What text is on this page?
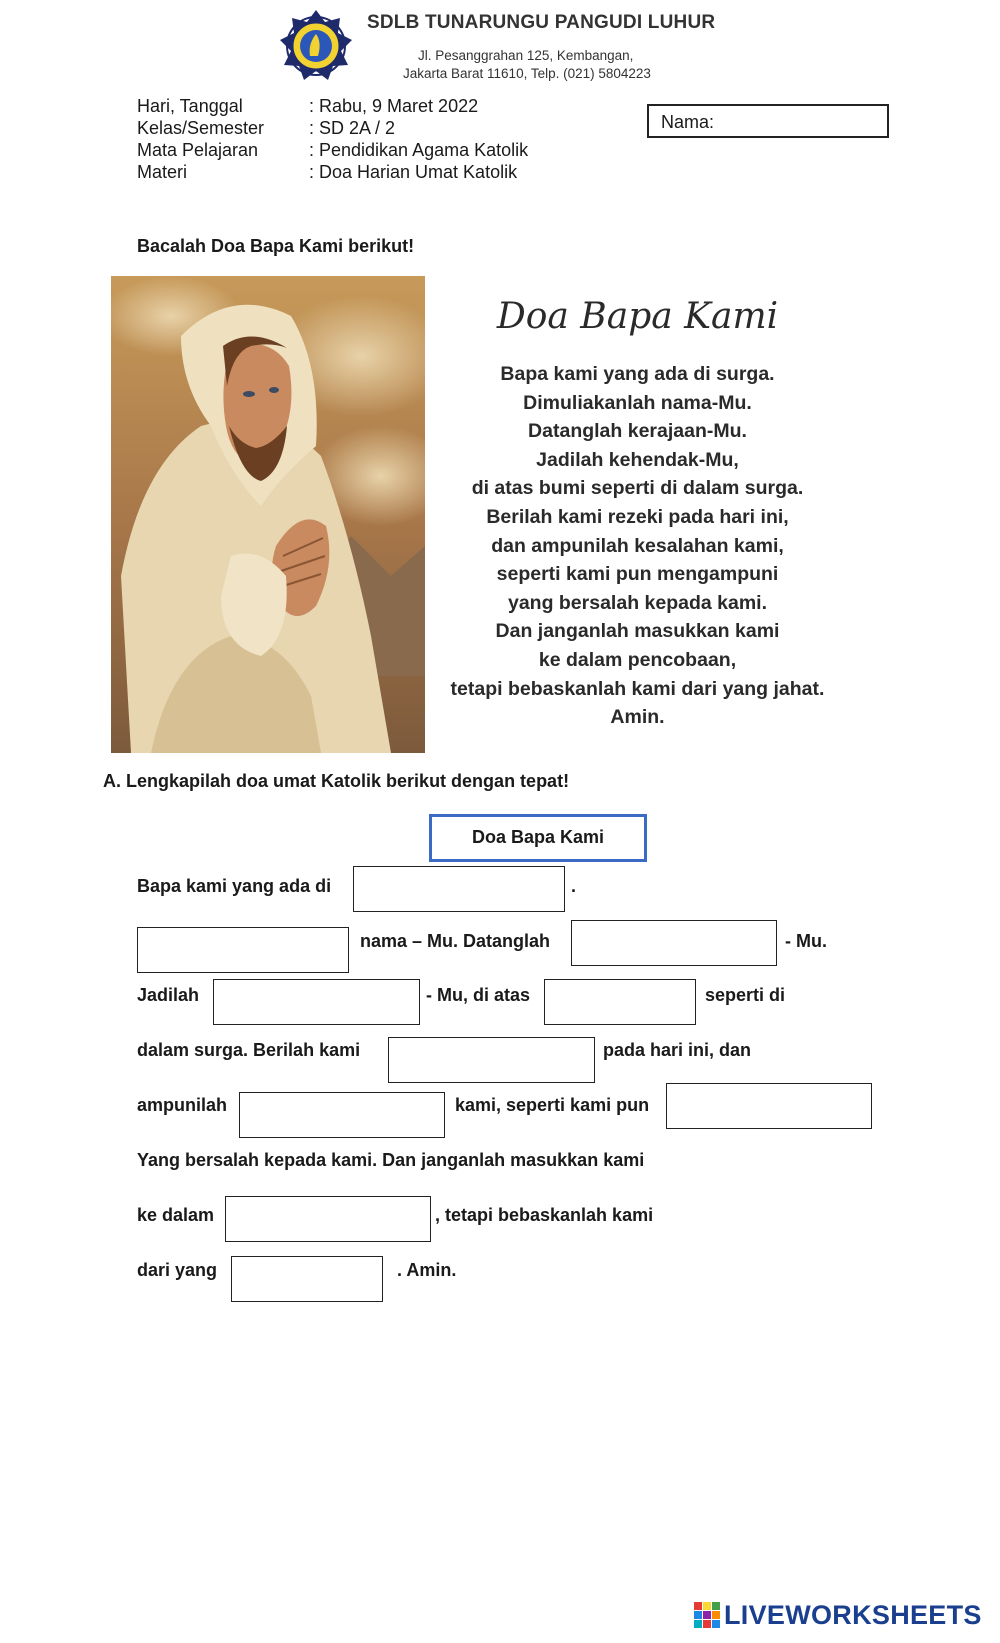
SDLB TUNARUNGU PANGUDI LUHUR
Jl. Pesanggrahan 125, Kembangan,
Jakarta Barat 11610, Telp. (021) 5804223
Hari, Tanggal	: Rabu, 9 Maret 2022
Kelas/Semester	: SD 2A / 2
Mata Pelajaran	: Pendidikan Agama Katolik
Materi	: Doa Harian Umat Katolik
Nama:
Bacalah Doa Bapa Kami berikut!
Doa Bapa Kami
Bapa kami yang ada di surga.
Dimuliakanlah nama-Mu.
Datanglah kerajaan-Mu.
Jadilah kehendak-Mu,
di atas bumi seperti di dalam surga.
Berilah kami rezeki pada hari ini,
dan ampunilah kesalahan kami,
seperti kami pun mengampuni
yang bersalah kepada kami.
Dan janganlah masukkan kami
ke dalam pencobaan,
tetapi bebaskanlah kami dari yang jahat.
Amin.
A. Lengkapilah doa umat Katolik berikut dengan tepat!
Doa Bapa Kami
Bapa kami yang ada di	.
nama – Mu. Datanglah	- Mu.
Jadilah	- Mu, di atas	seperti di
dalam surga. Berilah kami	pada hari ini, dan
ampunilah	kami, seperti kami pun
Yang bersalah kepada kami. Dan janganlah masukkan kami
ke dalam	, tetapi bebaskanlah kami
dari yang	. Amin.
LIVEWORKSHEETS
